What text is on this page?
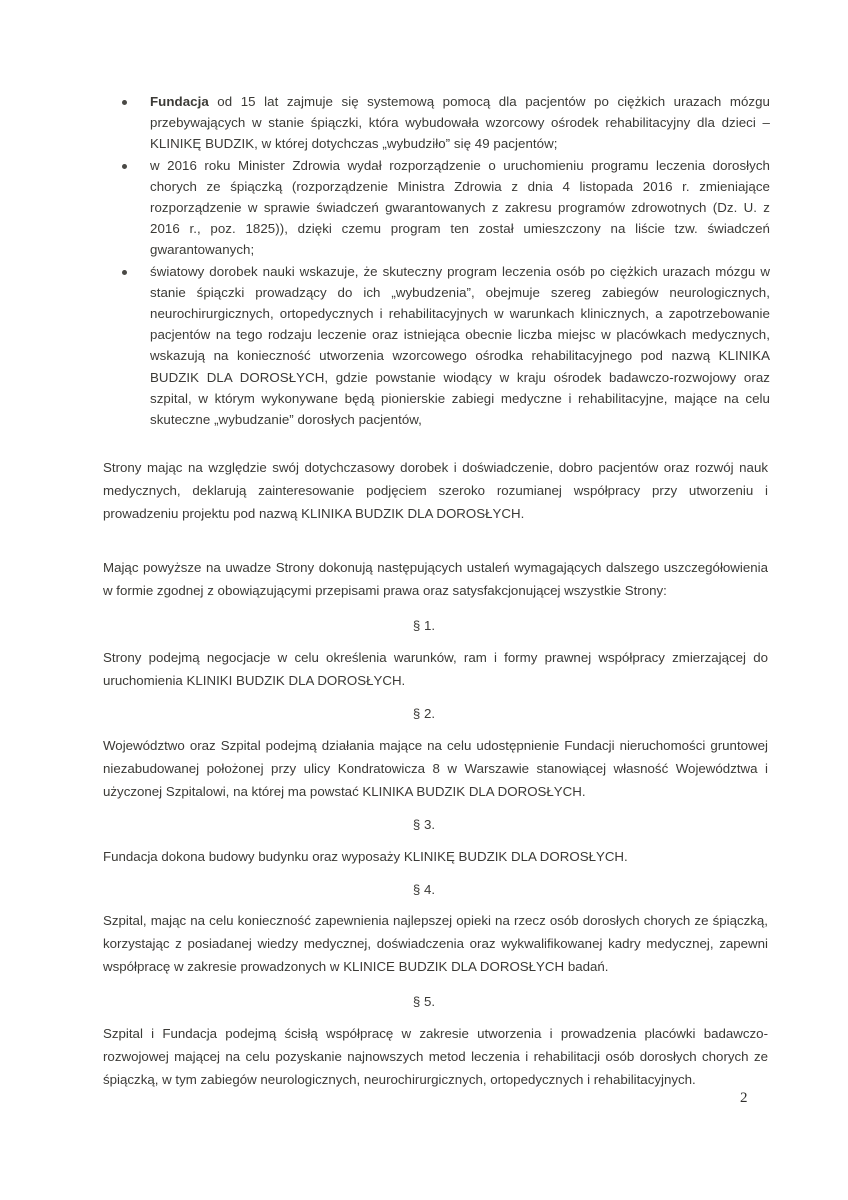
Fundacja od 15 lat zajmuje się systemową pomocą dla pacjentów po ciężkich urazach mózgu przebywających w stanie śpiączki, która wybudowała wzorcowy ośrodek rehabilitacyjny dla dzieci – KLINIKĘ BUDZIK, w której dotychczas „wybudziło” się 49 pacjentów;
w 2016 roku Minister Zdrowia wydał rozporządzenie o uruchomieniu programu leczenia dorosłych chorych ze śpiączką (rozporządzenie Ministra Zdrowia z dnia 4 listopada 2016 r. zmieniające rozporządzenie w sprawie świadczeń gwarantowanych z zakresu programów zdrowotnych (Dz. U. z 2016 r., poz. 1825)), dzięki czemu program ten został umieszczony na liście tzw. świadczeń gwarantowanych;
światowy dorobek nauki wskazuje, że skuteczny program leczenia osób po ciężkich urazach mózgu w stanie śpiączki prowadzący do ich „wybudzenia”, obejmuje szereg zabiegów neurologicznych, neurochirurgicznych, ortopedycznych i rehabilitacyjnych w warunkach klinicznych, a zapotrzebowanie pacjentów na tego rodzaju leczenie oraz istniejąca obecnie liczba miejsc w placówkach medycznych, wskazują na konieczność utworzenia wzorcowego ośrodka rehabilitacyjnego pod nazwą KLINIKA BUDZIK DLA DOROSŁYCH, gdzie powstanie wiodący w kraju ośrodek badawczo-rozwojowy oraz szpital, w którym wykonywane będą pionierskie zabiegi medyczne i rehabilitacyjne, mające na celu skuteczne „wybudzanie” dorosłych pacjentów,

Strony mając na względzie swój dotychczasowy dorobek i doświadczenie, dobro pacjentów oraz rozwój nauk medycznych, deklarują zainteresowanie podjęciem szeroko rozumianej współpracy przy utworzeniu i prowadzeniu projektu pod nazwą KLINIKA BUDZIK DLA DOROSŁYCH.

Mając powyższe na uwadze Strony dokonują następujących ustaleń wymagających dalszego uszczegółowienia w formie zgodnej z obowiązującymi przepisami prawa oraz satysfakcjonującej wszystkie Strony:

§ 1.

Strony podejmą negocjacje w celu określenia warunków, ram i formy prawnej współpracy zmierzającej do uruchomienia KLINIKI BUDZIK DLA DOROSŁYCH.

§ 2.

Województwo oraz Szpital podejmą działania mające na celu udostępnienie Fundacji nieruchomości gruntowej niezabudowanej położonej przy ulicy Kondratowicza 8 w Warszawie stanowiącej własność Województwa i użyczonej Szpitalowi, na której ma powstać KLINIKA BUDZIK DLA DOROSŁYCH.

§ 3.

Fundacja dokona budowy budynku oraz wyposaży KLINIKĘ BUDZIK DLA DOROSŁYCH.

§ 4.

Szpital, mając na celu konieczność zapewnienia najlepszej opieki na rzecz osób dorosłych chorych ze śpiączką, korzystając z posiadanej wiedzy medycznej, doświadczenia oraz wykwalifikowanej kadry medycznej, zapewni współpracę w zakresie prowadzonych w KLINICE BUDZIK DLA DOROSŁYCH badań.

§ 5.

Szpital i Fundacja podejmą ścisłą współpracę w zakresie utworzenia i prowadzenia placówki badawczo-rozwojowej mającej na celu pozyskanie najnowszych metod leczenia i rehabilitacji osób dorosłych chorych ze śpiączką, w tym zabiegów neurologicznych, neurochirurgicznych, ortopedycznych i rehabilitacyjnych.

2
